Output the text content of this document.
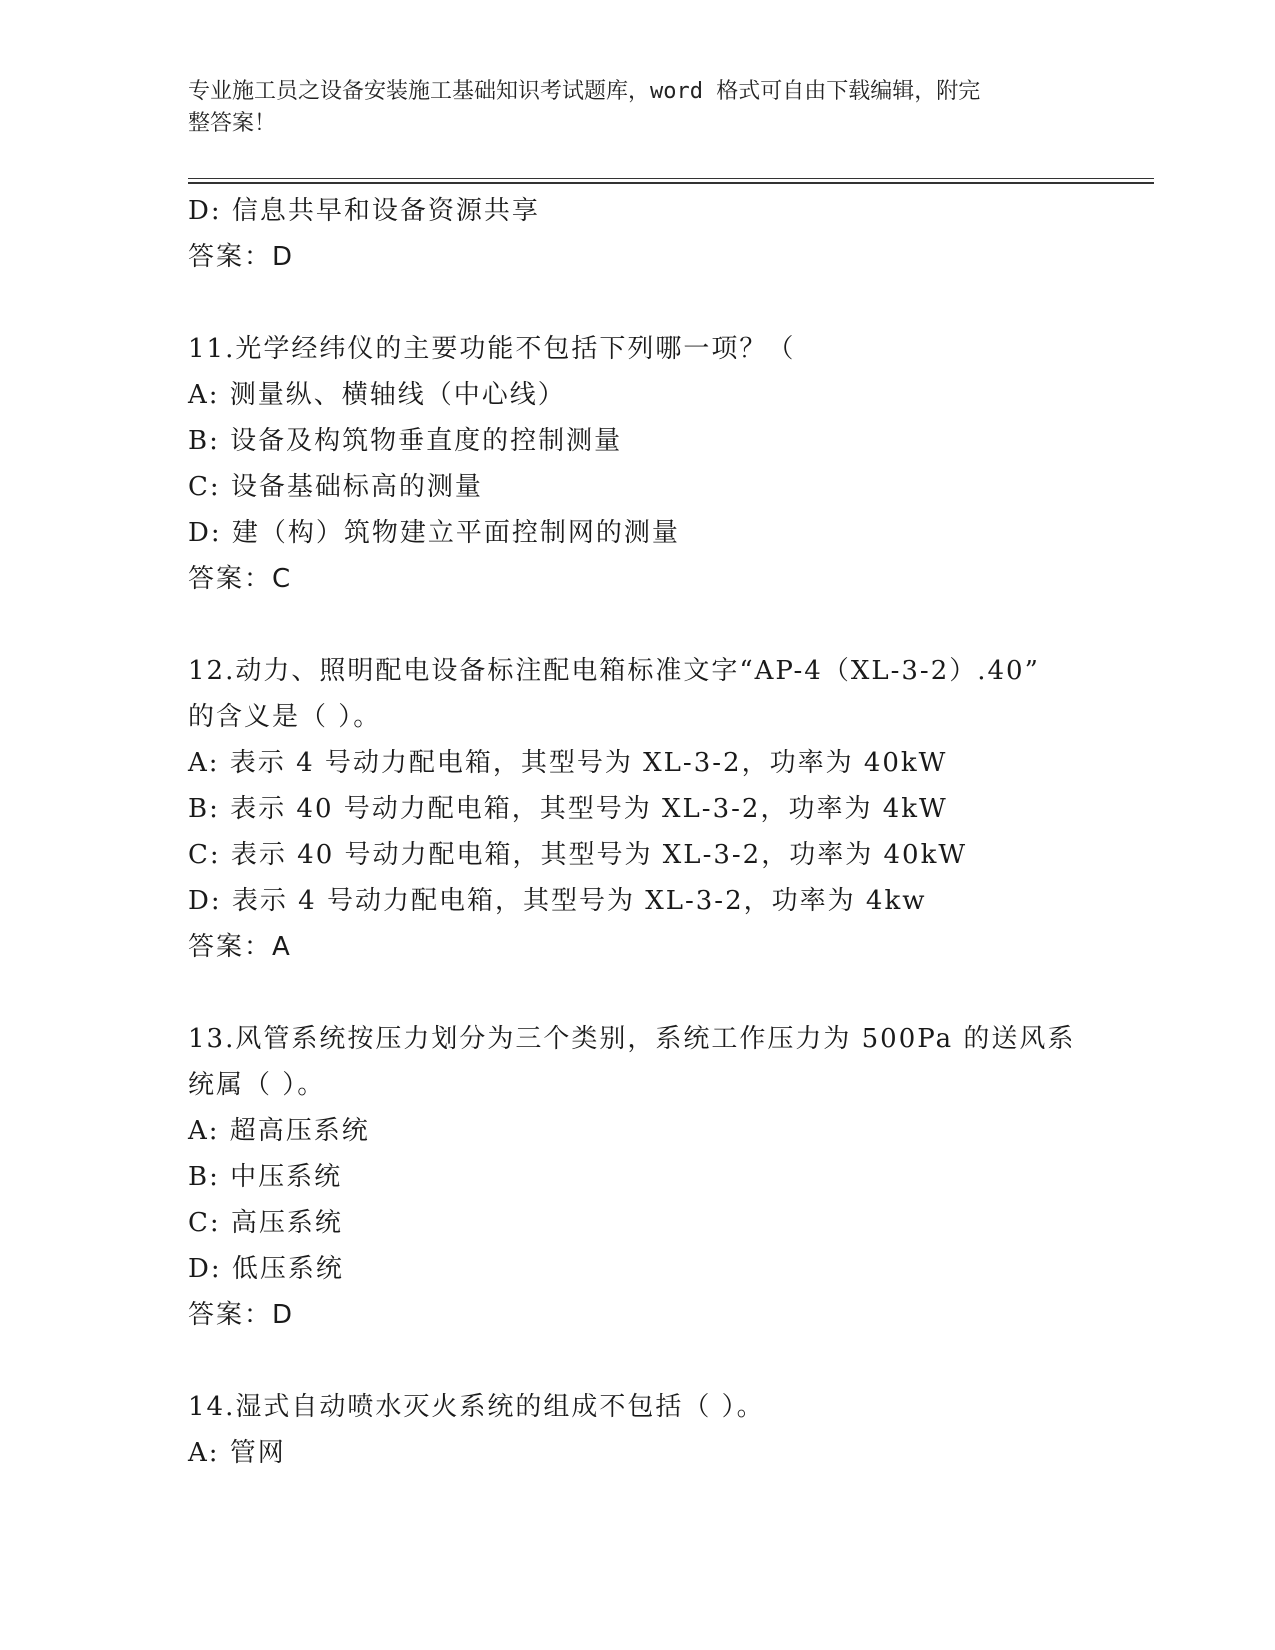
专业施工员之设备安装施工基础知识考试题库，word 格式可自由下载编辑，附完
整答案！
D: 信息共早和设备资源共享
答案：D
11.光学经纬仪的主要功能不包括下列哪一项？（
A: 测量纵、横轴线（中心线）
B: 设备及构筑物垂直度的控制测量
C: 设备基础标高的测量
D: 建（构）筑物建立平面控制网的测量
答案：C
12.动力、照明配电设备标注配电箱标准文字“AP-4（XL-3-2）.40”
的含义是（ ）。
A: 表示 4 号动力配电箱，其型号为 XL-3-2，功率为 40kW
B: 表示 40 号动力配电箱，其型号为 XL-3-2，功率为 4kW
C: 表示 40 号动力配电箱，其型号为 XL-3-2，功率为 40kW
D: 表示 4 号动力配电箱，其型号为 XL-3-2，功率为 4kw
答案：A
13.风管系统按压力划分为三个类别，系统工作压力为 500Pa 的送风系
统属（ ）。
A: 超高压系统
B: 中压系统
C: 高压系统
D: 低压系统
答案：D
14.湿式自动喷水灭火系统的组成不包括（ ）。
A: 管网
